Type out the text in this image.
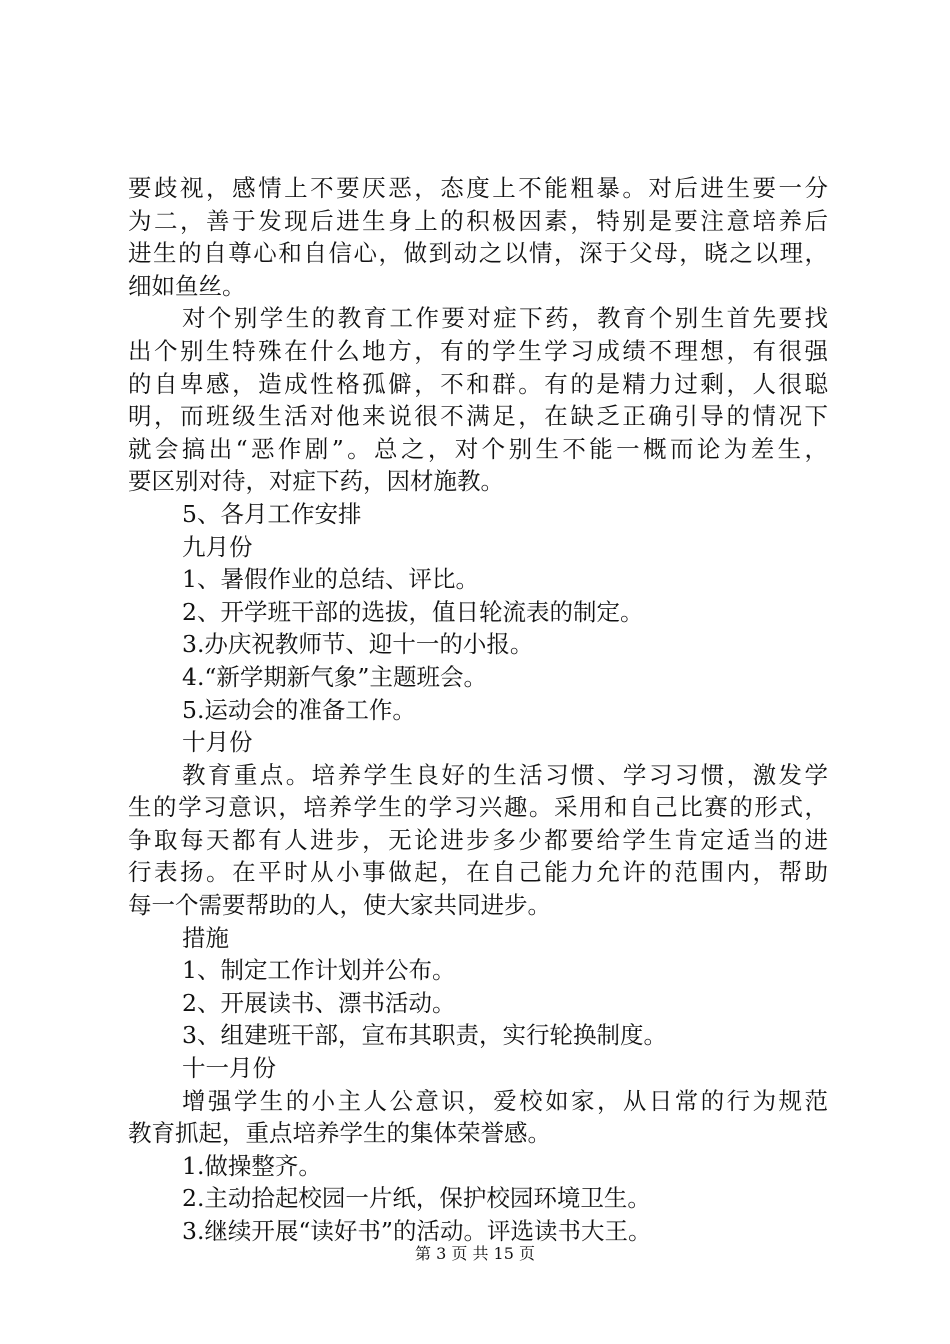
要歧视，感情上不要厌恶，态度上不能粗暴。对后进生要一分
为二，善于发现后进生身上的积极因素，特别是要注意培养后
进生的自尊心和自信心，做到动之以情，深于父母，晓之以理，
细如鱼丝。
对个别学生的教育工作要对症下药，教育个别生首先要找
出个别生特殊在什么地方，有的学生学习成绩不理想，有很强
的自卑感，造成性格孤僻，不和群。有的是精力过剩，人很聪
明，而班级生活对他来说很不满足，在缺乏正确引导的情况下
就会搞出“恶作剧”。总之，对个别生不能一概而论为差生，
要区别对待，对症下药，因材施教。
5、各月工作安排
九月份
1、暑假作业的总结、评比。
2、开学班干部的选拔，值日轮流表的制定。
3.办庆祝教师节、迎十一的小报。
4.“新学期新气象”主题班会。
5.运动会的准备工作。
十月份
教育重点。培养学生良好的生活习惯、学习习惯，激发学
生的学习意识，培养学生的学习兴趣。采用和自己比赛的形式，
争取每天都有人进步，无论进步多少都要给学生肯定适当的进
行表扬。在平时从小事做起，在自己能力允许的范围内，帮助
每一个需要帮助的人，使大家共同进步。
措施
1、制定工作计划并公布。
2、开展读书、漂书活动。
3、组建班干部，宣布其职责，实行轮换制度。
十一月份
增强学生的小主人公意识，爱校如家，从日常的行为规范
教育抓起，重点培养学生的集体荣誉感。
1.做操整齐。
2.主动拾起校园一片纸，保护校园环境卫生。
3.继续开展“读好书”的活动。评选读书大王。
第 3 页 共 15 页
